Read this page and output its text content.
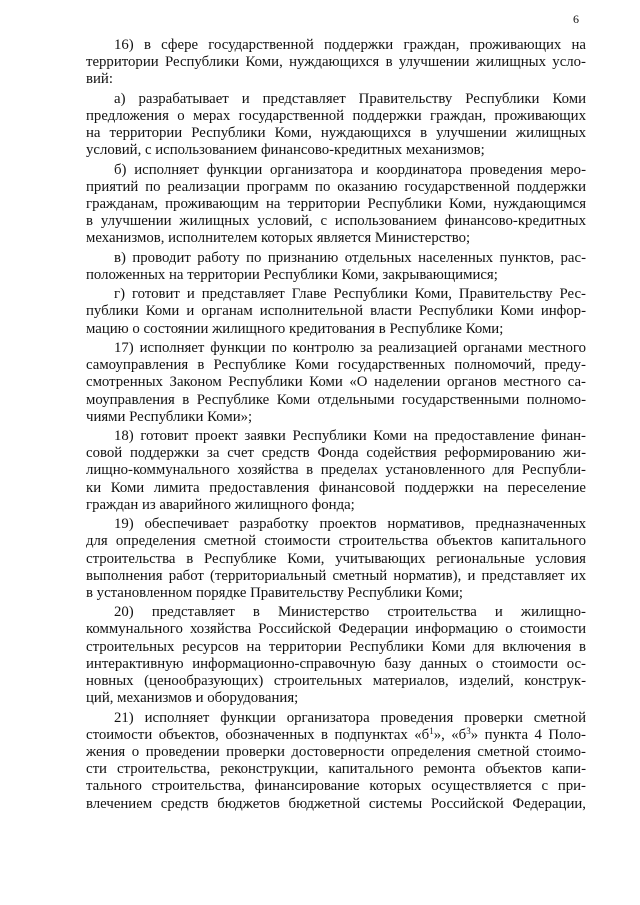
6
16) в сфере государственной поддержки граждан, проживающих на
территории Республики Коми, нуждающихся в улучшении жилищных усло-
вий:
а) разрабатывает и представляет Правительству Республики Коми
предложения о мерах государственной поддержки граждан, проживающих
на территории Республики Коми, нуждающихся в улучшении жилищных
условий, с использованием финансово-кредитных механизмов;
б) исполняет функции организатора и координатора проведения меро-
приятий по реализации программ по оказанию государственной поддержки
гражданам, проживающим на территории Республики Коми, нуждающимся
в улучшении жилищных условий, с использованием финансово-кредитных
механизмов, исполнителем которых является Министерство;
в) проводит работу по признанию отдельных населенных пунктов, рас-
положенных на территории Республики Коми, закрывающимися;
г) готовит и представляет Главе Республики Коми, Правительству Рес-
публики Коми и органам исполнительной власти Республики Коми инфор-
мацию о состоянии жилищного кредитования в Республике Коми;
17) исполняет функции по контролю за реализацией органами местного
самоуправления в Республике Коми государственных полномочий, преду-
смотренных Законом Республики Коми «О наделении органов местного са-
моуправления в Республике Коми отдельными государственными полномо-
чиями Республики Коми»;
18) готовит проект заявки Республики Коми на предоставление финан-
совой поддержки за счет средств Фонда содействия реформированию жи-
лищно-коммунального хозяйства в пределах установленного для Республи-
ки Коми лимита предоставления финансовой поддержки на переселение
граждан из аварийного жилищного фонда;
19) обеспечивает разработку проектов нормативов, предназначенных
для определения сметной стоимости строительства объектов капитального
строительства в Республике Коми, учитывающих региональные условия
выполнения работ (территориальный сметный норматив), и представляет их
в установленном порядке Правительству Республики Коми;
20) представляет в Министерство строительства и жилищно-
коммунального хозяйства Российской Федерации информацию о стоимости
строительных ресурсов на территории Республики Коми для включения в
интерактивную информационно-справочную базу данных о стоимости ос-
новных (ценообразующих) строительных материалов, изделий, конструк-
ций, механизмов и оборудования;
21) исполняет функции организатора проведения проверки сметной
стоимости объектов, обозначенных в подпунктах «$б^1$», «$б^3$» пункта 4 Поло-
жения о проведении проверки достоверности определения сметной стоимо-
сти строительства, реконструкции, капитального ремонта объектов капи-
тального строительства, финансирование которых осуществляется с при-
влечением средств бюджетов бюджетной системы Российской Федерации,
